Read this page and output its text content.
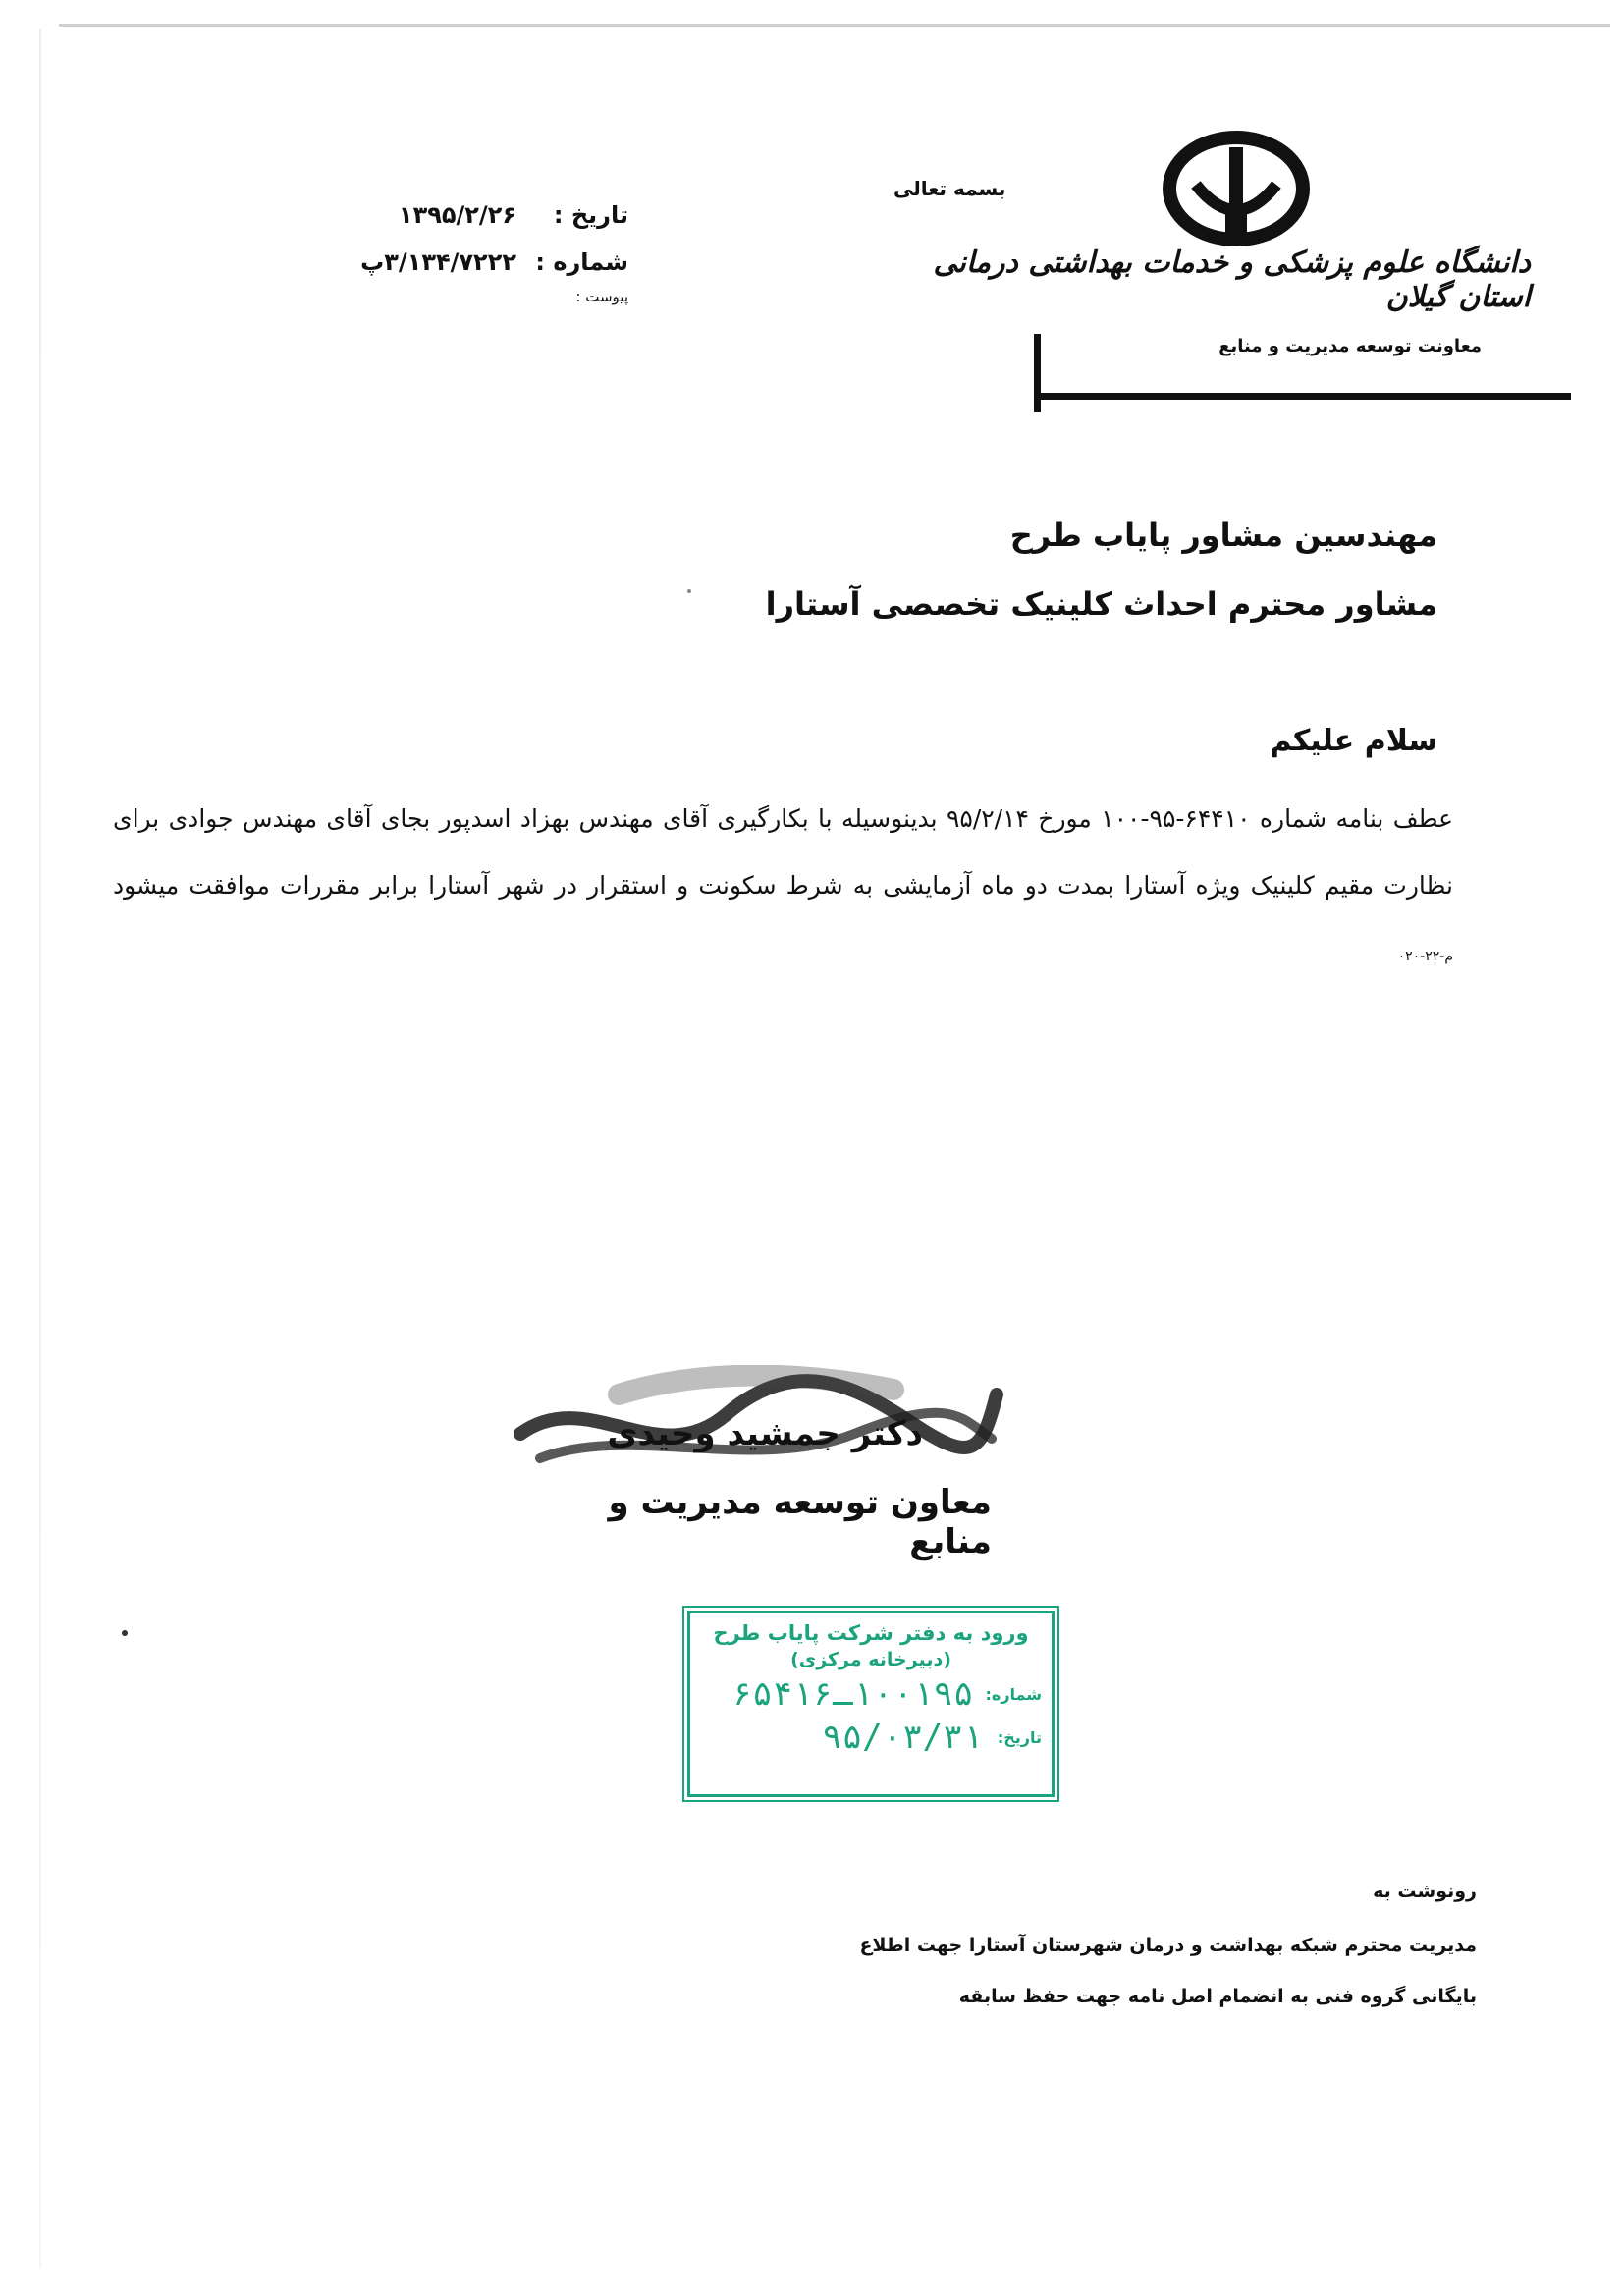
تاریخ :
۱۳۹۵/۲/۲۶
شماره :
۳/۱۳۴/۷۲۲۲پ
پیوست :
بسمه تعالی
دانشگاه علوم پزشکی و خدمات بهداشتی درمانی استان گیلان
معاونت توسعه مدیریت و منابع
مهندسین مشاور پایاب طرح
مشاور محترم احداث کلینیک تخصصی آستارا
سلام علیکم
عطف بنامه شماره ۶۴۴۱۰-۹۵-۱۰۰ مورخ ۹۵/۲/۱۴ بدینوسیله با بکارگیری آقای مهندس بهزاد اسدپور بجای آقای مهندس جوادی برای نظارت مقیم کلینیک ویژه آستارا بمدت دو ماه آزمایشی به شرط سکونت و استقرار در شهر آستارا برابر مقررات موافقت میشود م-۲۲-۰۲۰
دکتر جمشید وحیدی
معاون توسعه مدیریت و منابع
ورود به دفتر شرکت پایاب طرح
(دبیرخانه مرکزی)
شماره:
۱۰۰۱۹۵ـ۶۵۴۱۶
تاریخ:
۹۵/۰۳/۳۱
رونوشت به
مدیریت محترم شبکه بهداشت و درمان شهرستان آستارا جهت اطلاع
بایگانی گروه فنی به انضمام اصل نامه جهت حفظ سابقه
